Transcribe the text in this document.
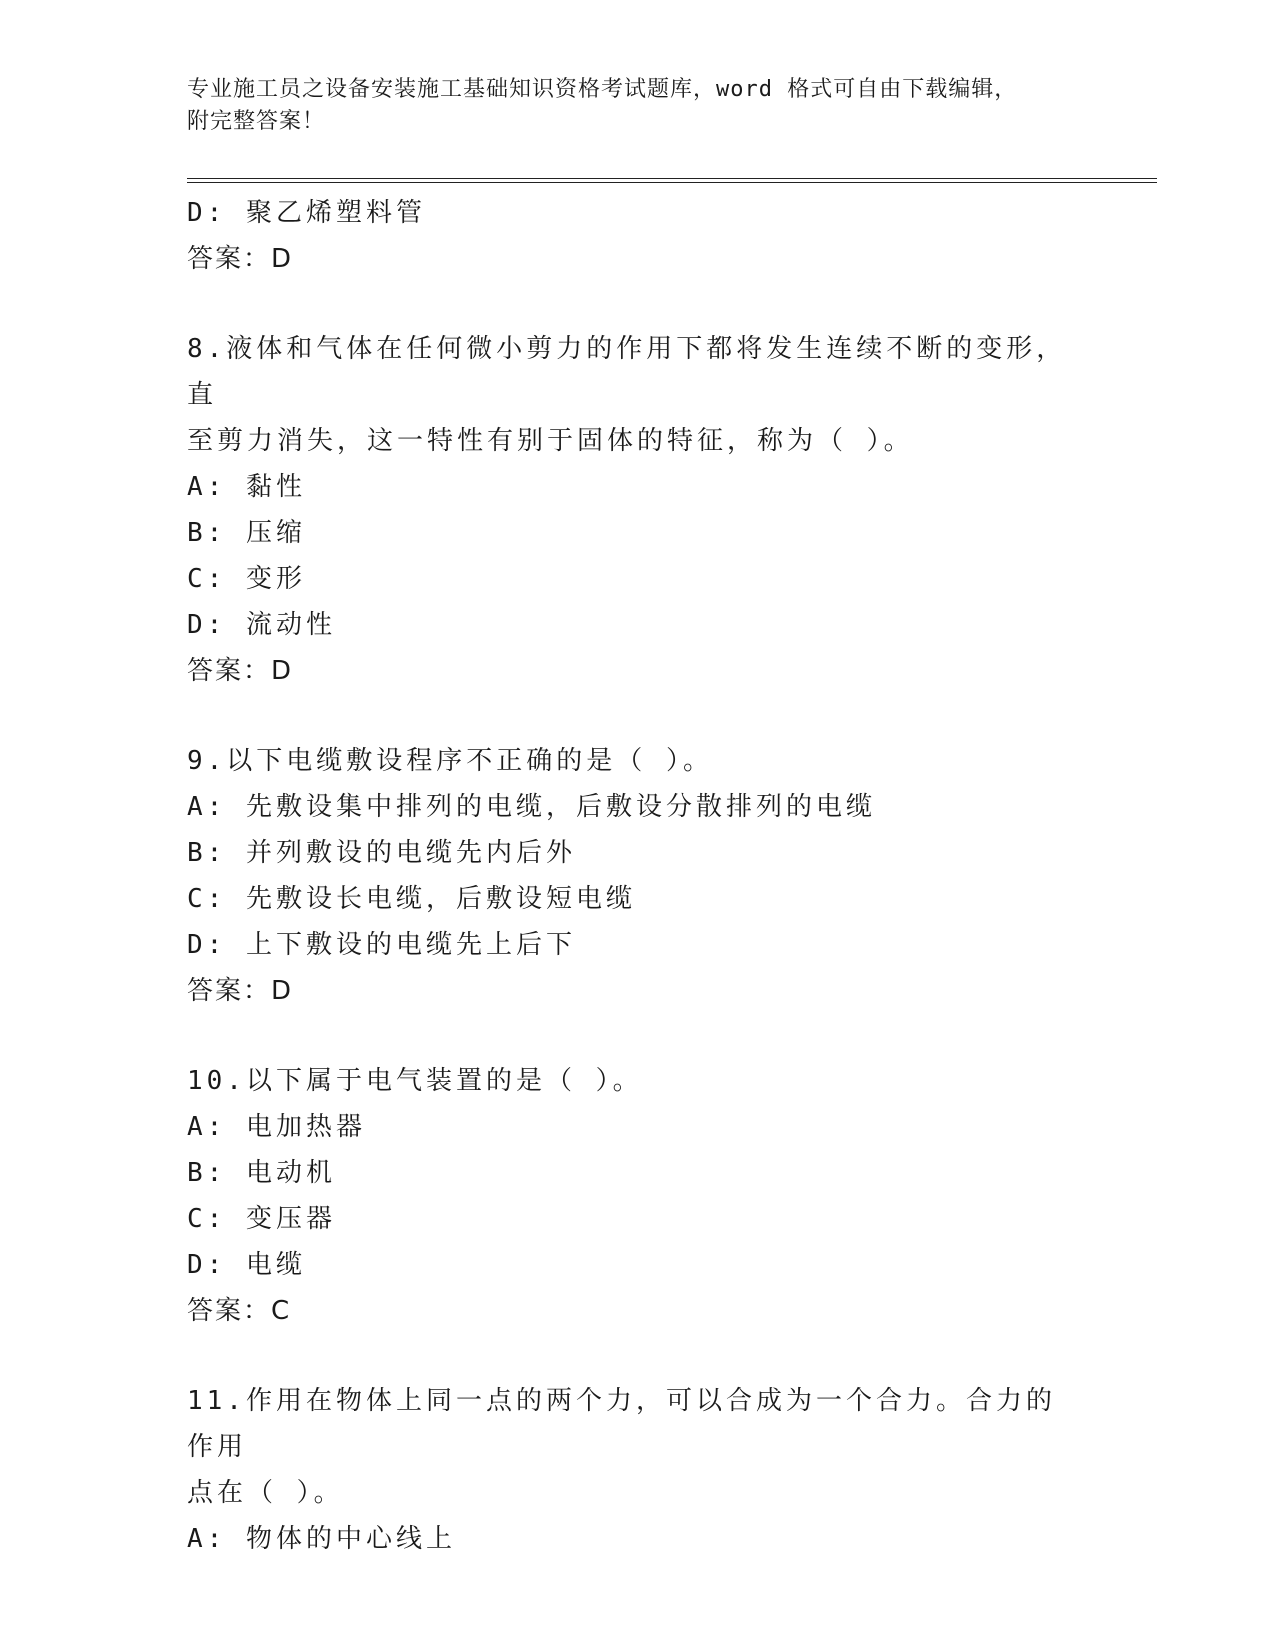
专业施工员之设备安装施工基础知识资格考试题库，word 格式可自由下载编辑，
附完整答案！
D: 聚乙烯塑料管
答案：D
8.液体和气体在任何微小剪力的作用下都将发生连续不断的变形，直
至剪力消失，这一特性有别于固体的特征，称为（ ）。
A: 黏性
B: 压缩
C: 变形
D: 流动性
答案：D
9.以下电缆敷设程序不正确的是（ ）。
A: 先敷设集中排列的电缆，后敷设分散排列的电缆
B: 并列敷设的电缆先内后外
C: 先敷设长电缆，后敷设短电缆
D: 上下敷设的电缆先上后下
答案：D
10.以下属于电气装置的是（ ）。
A: 电加热器
B: 电动机
C: 变压器
D: 电缆
答案：C
11.作用在物体上同一点的两个力，可以合成为一个合力。合力的作用
点在（ ）。
A: 物体的中心线上
